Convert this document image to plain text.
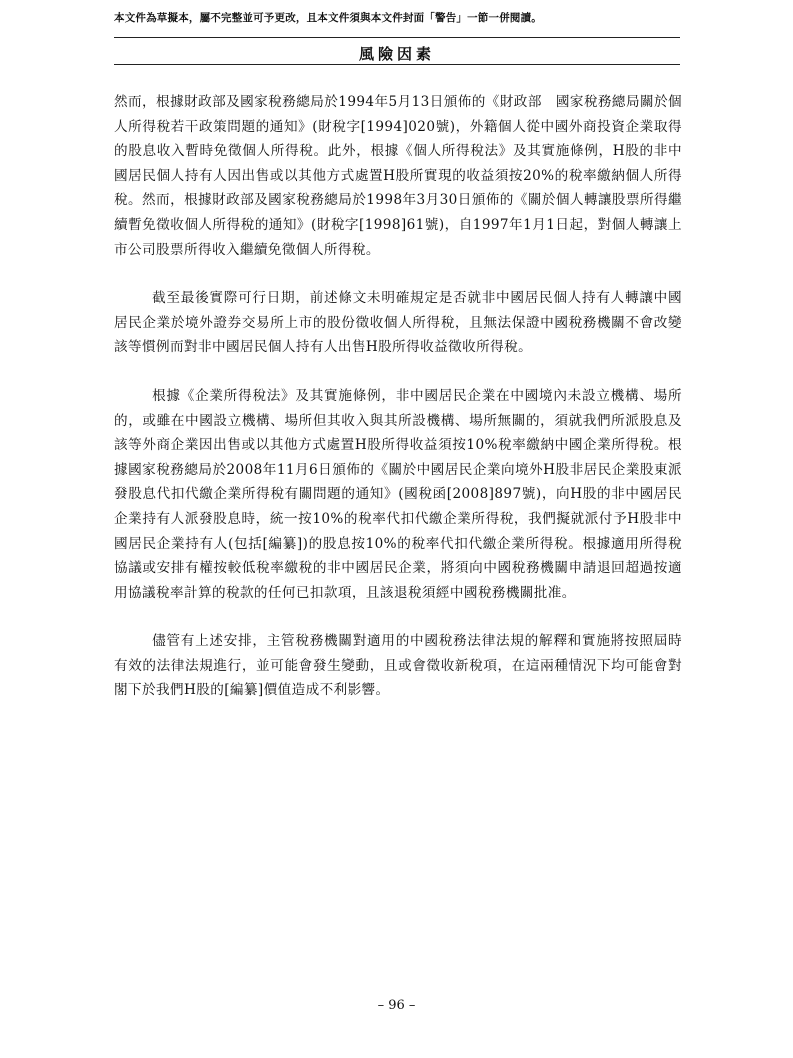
本文件為草擬本，屬不完整並可予更改，且本文件須與本文件封面「警告」一節一併閱讀。
風險因素

然而，根據財政部及國家稅務總局於1994年5月13日頒佈的《財政部　國家稅務總局關於個人所得稅若干政策問題的通知》(財稅字[1994]020號)，外籍個人從中國外商投資企業取得的股息收入暫時免徵個人所得稅。此外，根據《個人所得稅法》及其實施條例，H股的非中國居民個人持有人因出售或以其他方式處置H股所實現的收益須按20%的稅率繳納個人所得稅。然而，根據財政部及國家稅務總局於1998年3月30日頒佈的《關於個人轉讓股票所得繼續暫免徵收個人所得稅的通知》(財稅字[1998]61號)，自1997年1月1日起，對個人轉讓上市公司股票所得收入繼續免徵個人所得稅。

截至最後實際可行日期，前述條文未明確規定是否就非中國居民個人持有人轉讓中國居民企業於境外證券交易所上市的股份徵收個人所得稅，且無法保證中國稅務機關不會改變該等慣例而對非中國居民個人持有人出售H股所得收益徵收所得稅。

根據《企業所得稅法》及其實施條例，非中國居民企業在中國境內未設立機構、場所的，或雖在中國設立機構、場所但其收入與其所設機構、場所無關的，須就我們所派股息及該等外商企業因出售或以其他方式處置H股所得收益須按10%稅率繳納中國企業所得稅。根據國家稅務總局於2008年11月6日頒佈的《關於中國居民企業向境外H股非居民企業股東派發股息代扣代繳企業所得稅有關問題的通知》(國稅函[2008]897號)，向H股的非中國居民企業持有人派發股息時，統一按10%的稅率代扣代繳企業所得稅，我們擬就派付予H股非中國居民企業持有人(包括[編纂])的股息按10%的稅率代扣代繳企業所得稅。根據適用所得稅協議或安排有權按較低稅率繳稅的非中國居民企業，將須向中國稅務機關申請退回超過按適用協議稅率計算的稅款的任何已扣款項，且該退稅須經中國稅務機關批准。

儘管有上述安排，主管稅務機關對適用的中國稅務法律法規的解釋和實施將按照屆時有效的法律法規進行，並可能會發生變動，且或會徵收新稅項，在這兩種情況下均可能會對　閣下於我們H股的[編纂]價值造成不利影響。

– 96 –
